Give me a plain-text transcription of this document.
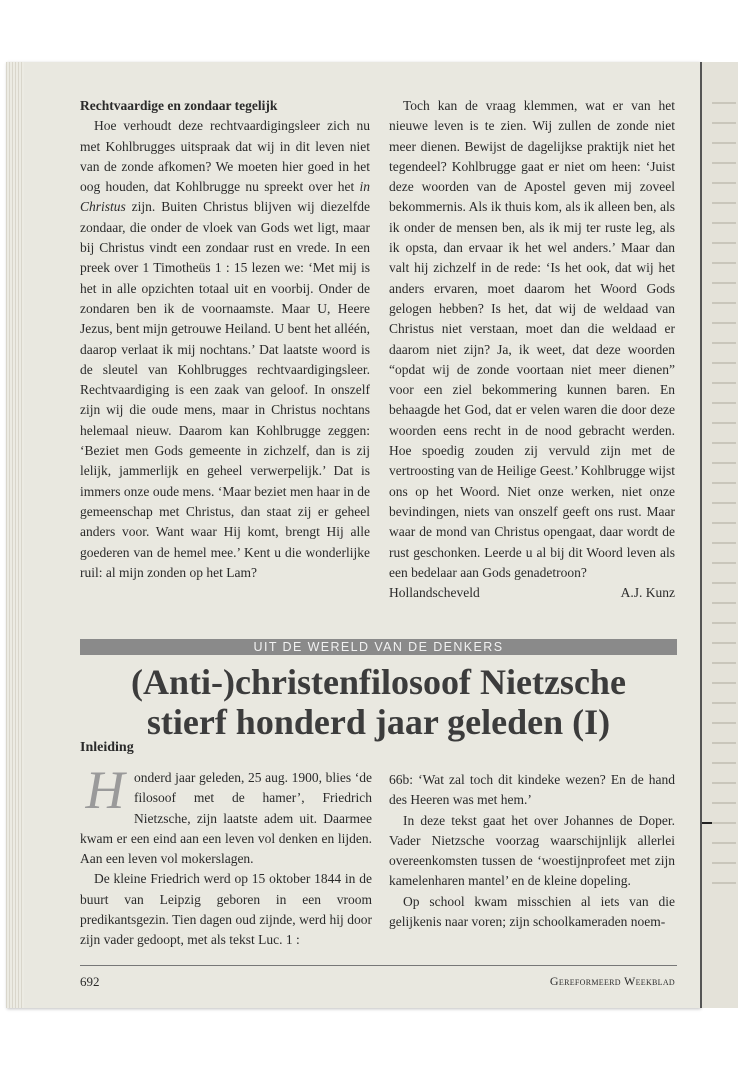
Rechtvaardige en zondaar tegelijk

Hoe verhoudt deze rechtvaardigingsleer zich nu met Kohlbrugges uitspraak dat wij in dit leven niet van de zonde afkomen? We moeten hier goed in het oog houden, dat Kohlbrugge nu spreekt over het in Christus zijn. Buiten Christus blijven wij diezelfde zondaar, die onder de vloek van Gods wet ligt, maar bij Christus vindt een zondaar rust en vrede. In een preek over 1 Timotheüs 1 : 15 lezen we: ‘Met mij is het in alle opzichten totaal uit en voorbij. Onder de zondaren ben ik de voornaamste. Maar U, Heere Jezus, bent mijn getrouwe Heiland. U bent het alléén, daarop verlaat ik mij nochtans.’ Dat laatste woord is de sleutel van Kohlbrugges rechtvaardigingsleer. Rechtvaardiging is een zaak van geloof. In onszelf zijn wij die oude mens, maar in Christus nochtans helemaal nieuw. Daarom kan Kohlbrugge zeggen: ‘Beziet men Gods gemeente in zichzelf, dan is zij lelijk, jammerlijk en geheel verwerpelijk.’ Dat is immers onze oude mens. ‘Maar beziet men haar in de gemeenschap met Christus, dan staat zij er geheel anders voor. Want waar Hij komt, brengt Hij alle goederen van de hemel mee.’ Kent u die wonderlijke ruil: al mijn zonden op het Lam?

Toch kan de vraag klemmen, wat er van het nieuwe leven is te zien. Wij zullen de zonde niet meer dienen. Bewijst de dagelijkse praktijk niet het tegendeel? Kohlbrugge gaat er niet om heen: ‘Juist deze woorden van de Apostel geven mij zoveel bekommernis. Als ik thuis kom, als ik alleen ben, als ik onder de mensen ben, als ik mij ter ruste leg, als ik opsta, dan ervaar ik het wel anders.’ Maar dan valt hij zichzelf in de rede: ‘Is het ook, dat wij het anders ervaren, moet daarom het Woord Gods gelogen hebben? Is het, dat wij de weldaad van Christus niet verstaan, moet dan die weldaad er daarom niet zijn? Ja, ik weet, dat deze woorden “opdat wij de zonde voortaan niet meer dienen” voor een ziel bekommering kunnen baren. En behaagde het God, dat er velen waren die door deze woorden eens recht in de nood gebracht werden. Hoe spoedig zouden zij vervuld zijn met de vertroosting van de Heilige Geest.’ Kohlbrugge wijst ons op het Woord. Niet onze werken, niet onze bevindingen, niets van onszelf geeft ons rust. Maar waar de mond van Christus opengaat, daar wordt de rust geschonken. Leerde u al bij dit Woord leven als een bedelaar aan Gods genadetroon?

Hollandscheveld	A.J. Kunz

UIT DE WERELD VAN DE DENKERS
(Anti-)christenfilosoof Nietzsche
stierf honderd jaar geleden (I)
Inleiding

Honderd jaar geleden, 25 aug. 1900, blies ‘de filosoof met de hamer’, Friedrich Nietzsche, zijn laatste adem uit. Daarmee kwam er een eind aan een leven vol denken en lijden. Aan een leven vol mokerslagen.

De kleine Friedrich werd op 15 oktober 1844 in de buurt van Leipzig geboren in een vroom predikantsgezin. Tien dagen oud zijnde, werd hij door zijn vader gedoopt, met als tekst Luc. 1 :

66b: ‘Wat zal toch dit kindeke wezen? En de hand des Heeren was met hem.’

In deze tekst gaat het over Johannes de Doper. Vader Nietzsche voorzag waarschijnlijk allerlei overeenkomsten tussen de ‘woestijnprofeet met zijn kamelenharen mantel’ en de kleine dopeling.

Op school kwam misschien al iets van die gelijkenis naar voren; zijn schoolkameraden noem-

692	Gereformeerd Weekblad
